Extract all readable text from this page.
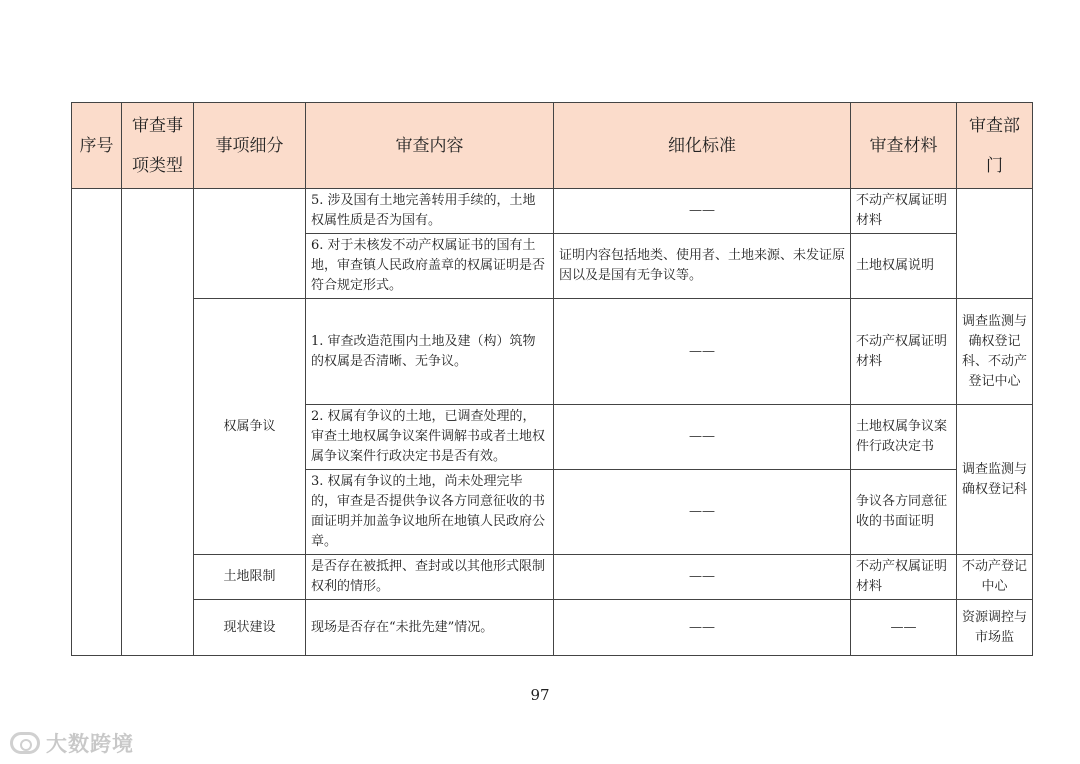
序号	审查事项类型	事项细分	审查内容	细化标准	审查材料	审查部门
			5. 涉及国有土地完善转用手续的，土地权属性质是否为国有。	——	不动产权属证明材料	
			6. 对于未核发不动产权属证书的国有土地，审查镇人民政府盖章的权属证明是否符合规定形式。	证明内容包括地类、使用者、土地来源、未发证原因以及是国有无争议等。	土地权属说明	
		权属争议	1. 审查改造范围内土地及建（构）筑物的权属是否清晰、无争议。	——	不动产权属证明材料	调查监测与确权登记科、不动产登记中心
			2. 权属有争议的土地，已调查处理的，审查土地权属争议案件调解书或者土地权属争议案件行政决定书是否有效。	——	土地权属争议案件行政决定书	调查监测与确权登记科
			3. 权属有争议的土地，尚未处理完毕的，审查是否提供争议各方同意征收的书面证明并加盖争议地所在地镇人民政府公章。	——	争议各方同意征收的书面证明	
		土地限制	是否存在被抵押、查封或以其他形式限制权利的情形。	——	不动产权属证明材料	不动产登记中心
		现状建设	现场是否存在“未批先建”情况。	——	——	资源调控与市场监
97
大数跨境
